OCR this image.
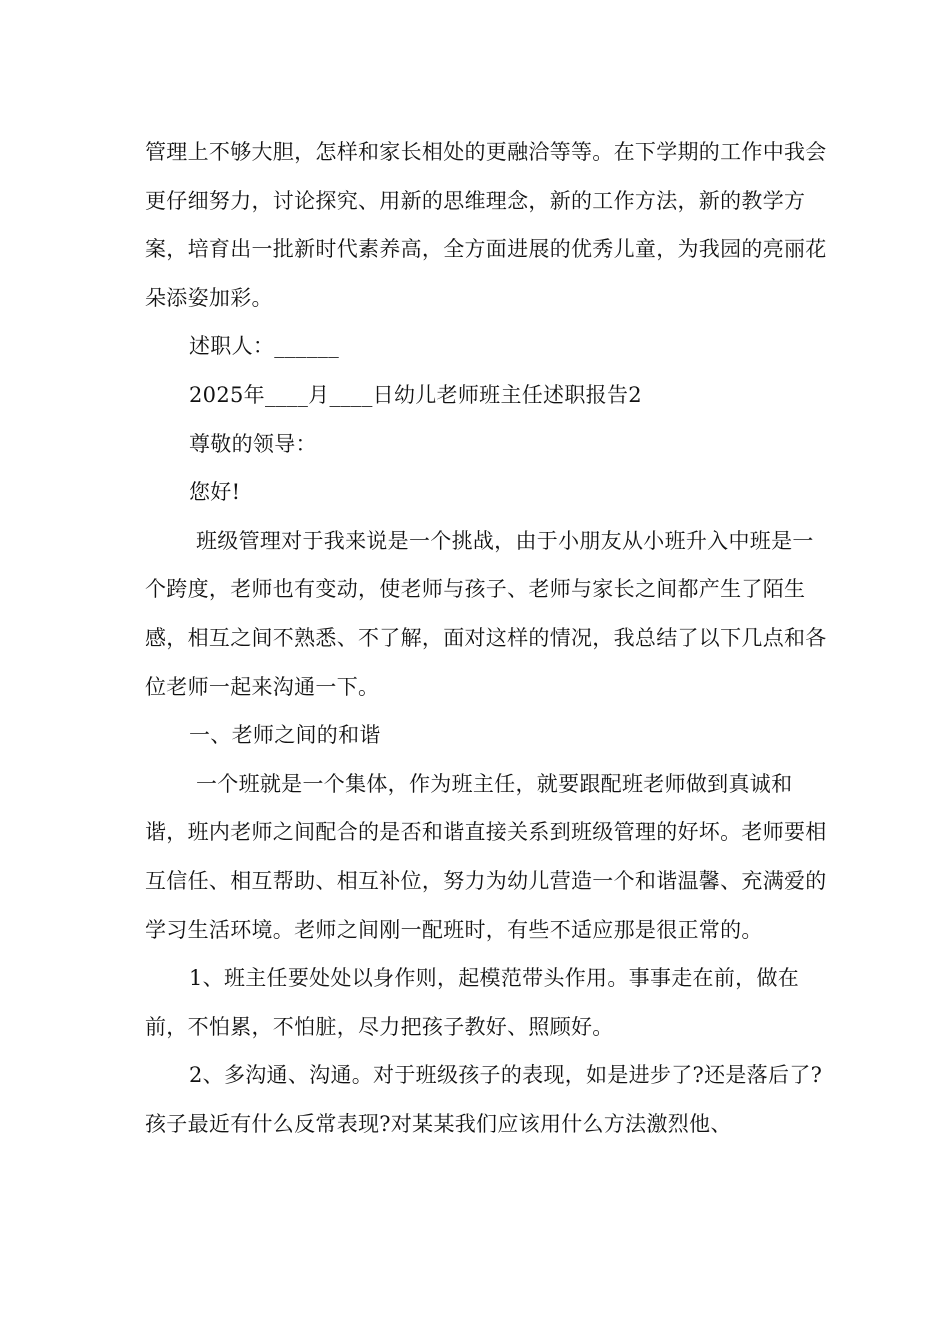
管理上不够大胆，怎样和家长相处的更融洽等等。在下学期的工作中我会更仔细努力，讨论探究、用新的思维理念，新的工作方法，新的教学方案，培育出一批新时代素养高，全方面进展的优秀儿童，为我园的亮丽花朵添姿加彩。

述职人：______

2025年____月____日幼儿老师班主任述职报告2

尊敬的领导：

您好!

班级管理对于我来说是一个挑战，由于小朋友从小班升入中班是一个跨度，老师也有变动，使老师与孩子、老师与家长之间都产生了陌生感，相互之间不熟悉、不了解，面对这样的情况，我总结了以下几点和各位老师一起来沟通一下。

一、老师之间的和谐

一个班就是一个集体，作为班主任，就要跟配班老师做到真诚和谐，班内老师之间配合的是否和谐直接关系到班级管理的好坏。老师要相互信任、相互帮助、相互补位，努力为幼儿营造一个和谐温馨、充满爱的学习生活环境。老师之间刚一配班时，有些不适应那是很正常的。

1、班主任要处处以身作则，起模范带头作用。事事走在前，做在前，不怕累，不怕脏，尽力把孩子教好、照顾好。

2、多沟通、沟通。对于班级孩子的表现，如是进步了?还是落后了?孩子最近有什么反常表现?对某某我们应该用什么方法激烈他、
